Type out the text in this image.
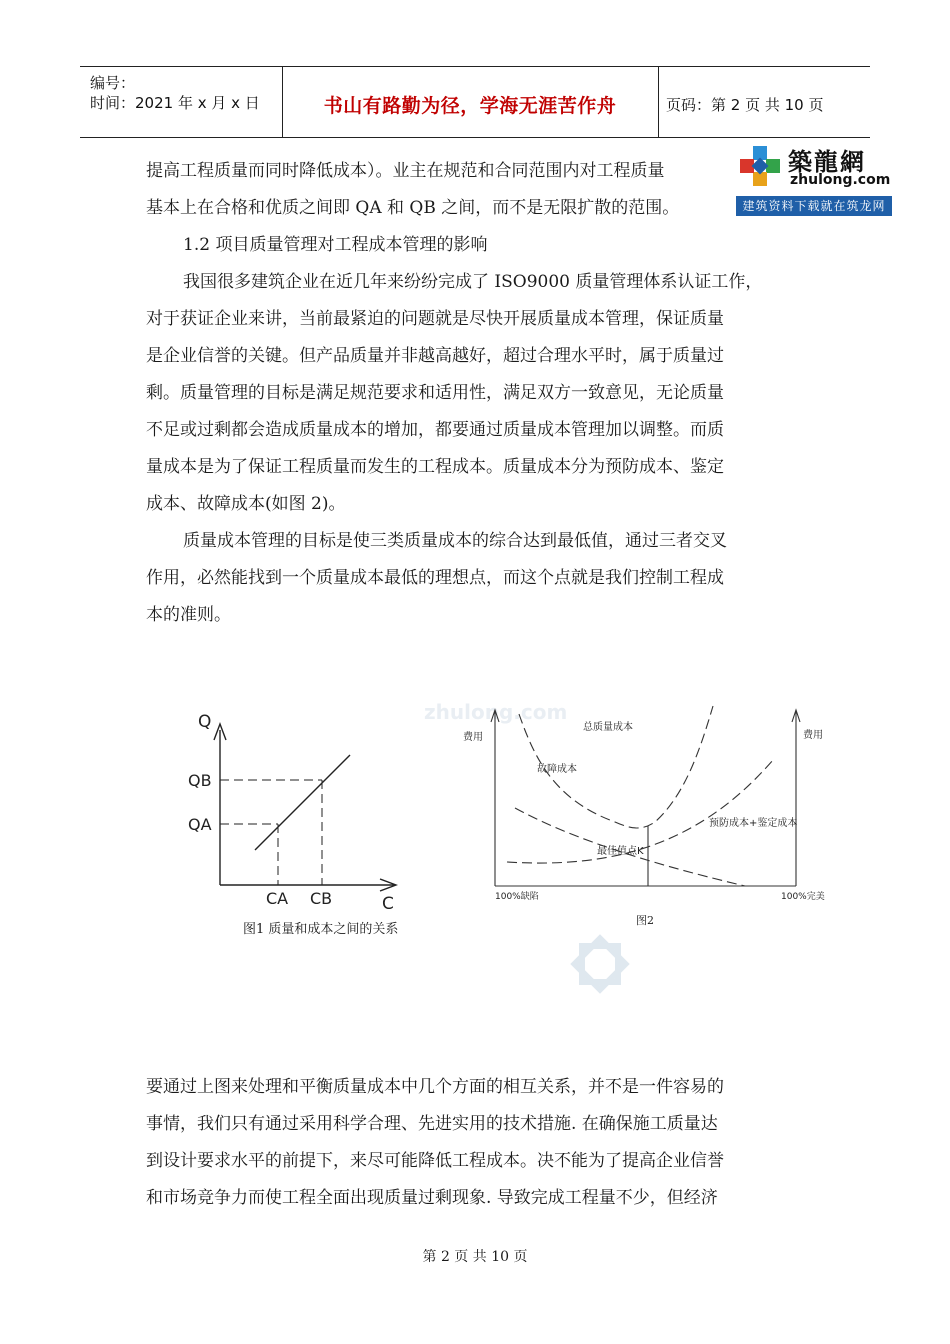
编号：
时间：2021 年 x 月 x 日	书山有路勤为径，学海无涯苦作舟	页码：第 2 页 共 10 页
築龍網
zhulong.com
建筑资料下载就在筑龙网
zhulong.com
提高工程质量而同时降低成本）。业主在规范和合同范围内对工程质量
基本上在合格和优质之间即 QA 和 QB 之间，而不是无限扩散的范围。
1.2 项目质量管理对工程成本管理的影响
我国很多建筑企业在近几年来纷纷完成了 ISO9000 质量管理体系认证工作，
对于获证企业来讲，当前最紧迫的问题就是尽快开展质量成本管理，保证质量
是企业信誉的关键。但产品质量并非越高越好，超过合理水平时，属于质量过
剩。质量管理的目标是满足规范要求和适用性，满足双方一致意见，无论质量
不足或过剩都会造成质量成本的增加，都要通过质量成本管理加以调整。而质
量成本是为了保证工程质量而发生的工程成本。质量成本分为预防成本、鉴定
成本、故障成本(如图 2)。
质量成本管理的目标是使三类质量成本的综合达到最低值，通过三者交叉
作用，必然能找到一个质量成本最低的理想点，而这个点就是我们控制工程成
本的准则。
Q
C
QB
QA
CA CB
图1 质量和成本之间的关系
费用	费用
总质量成本
故障成本
预防成本+鉴定成本
最佳值点K
100%缺陷	100%完美
图2
要通过上图来处理和平衡质量成本中几个方面的相互关系，并不是一件容易的
事情，我们只有通过采用科学合理、先进实用的技术措施. 在确保施工质量达
到设计要求水平的前提下，来尽可能降低工程成本。决不能为了提高企业信誉
和市场竞争力而使工程全面出现质量过剩现象. 导致完成工程量不少，但经济
第 2 页 共 10 页
